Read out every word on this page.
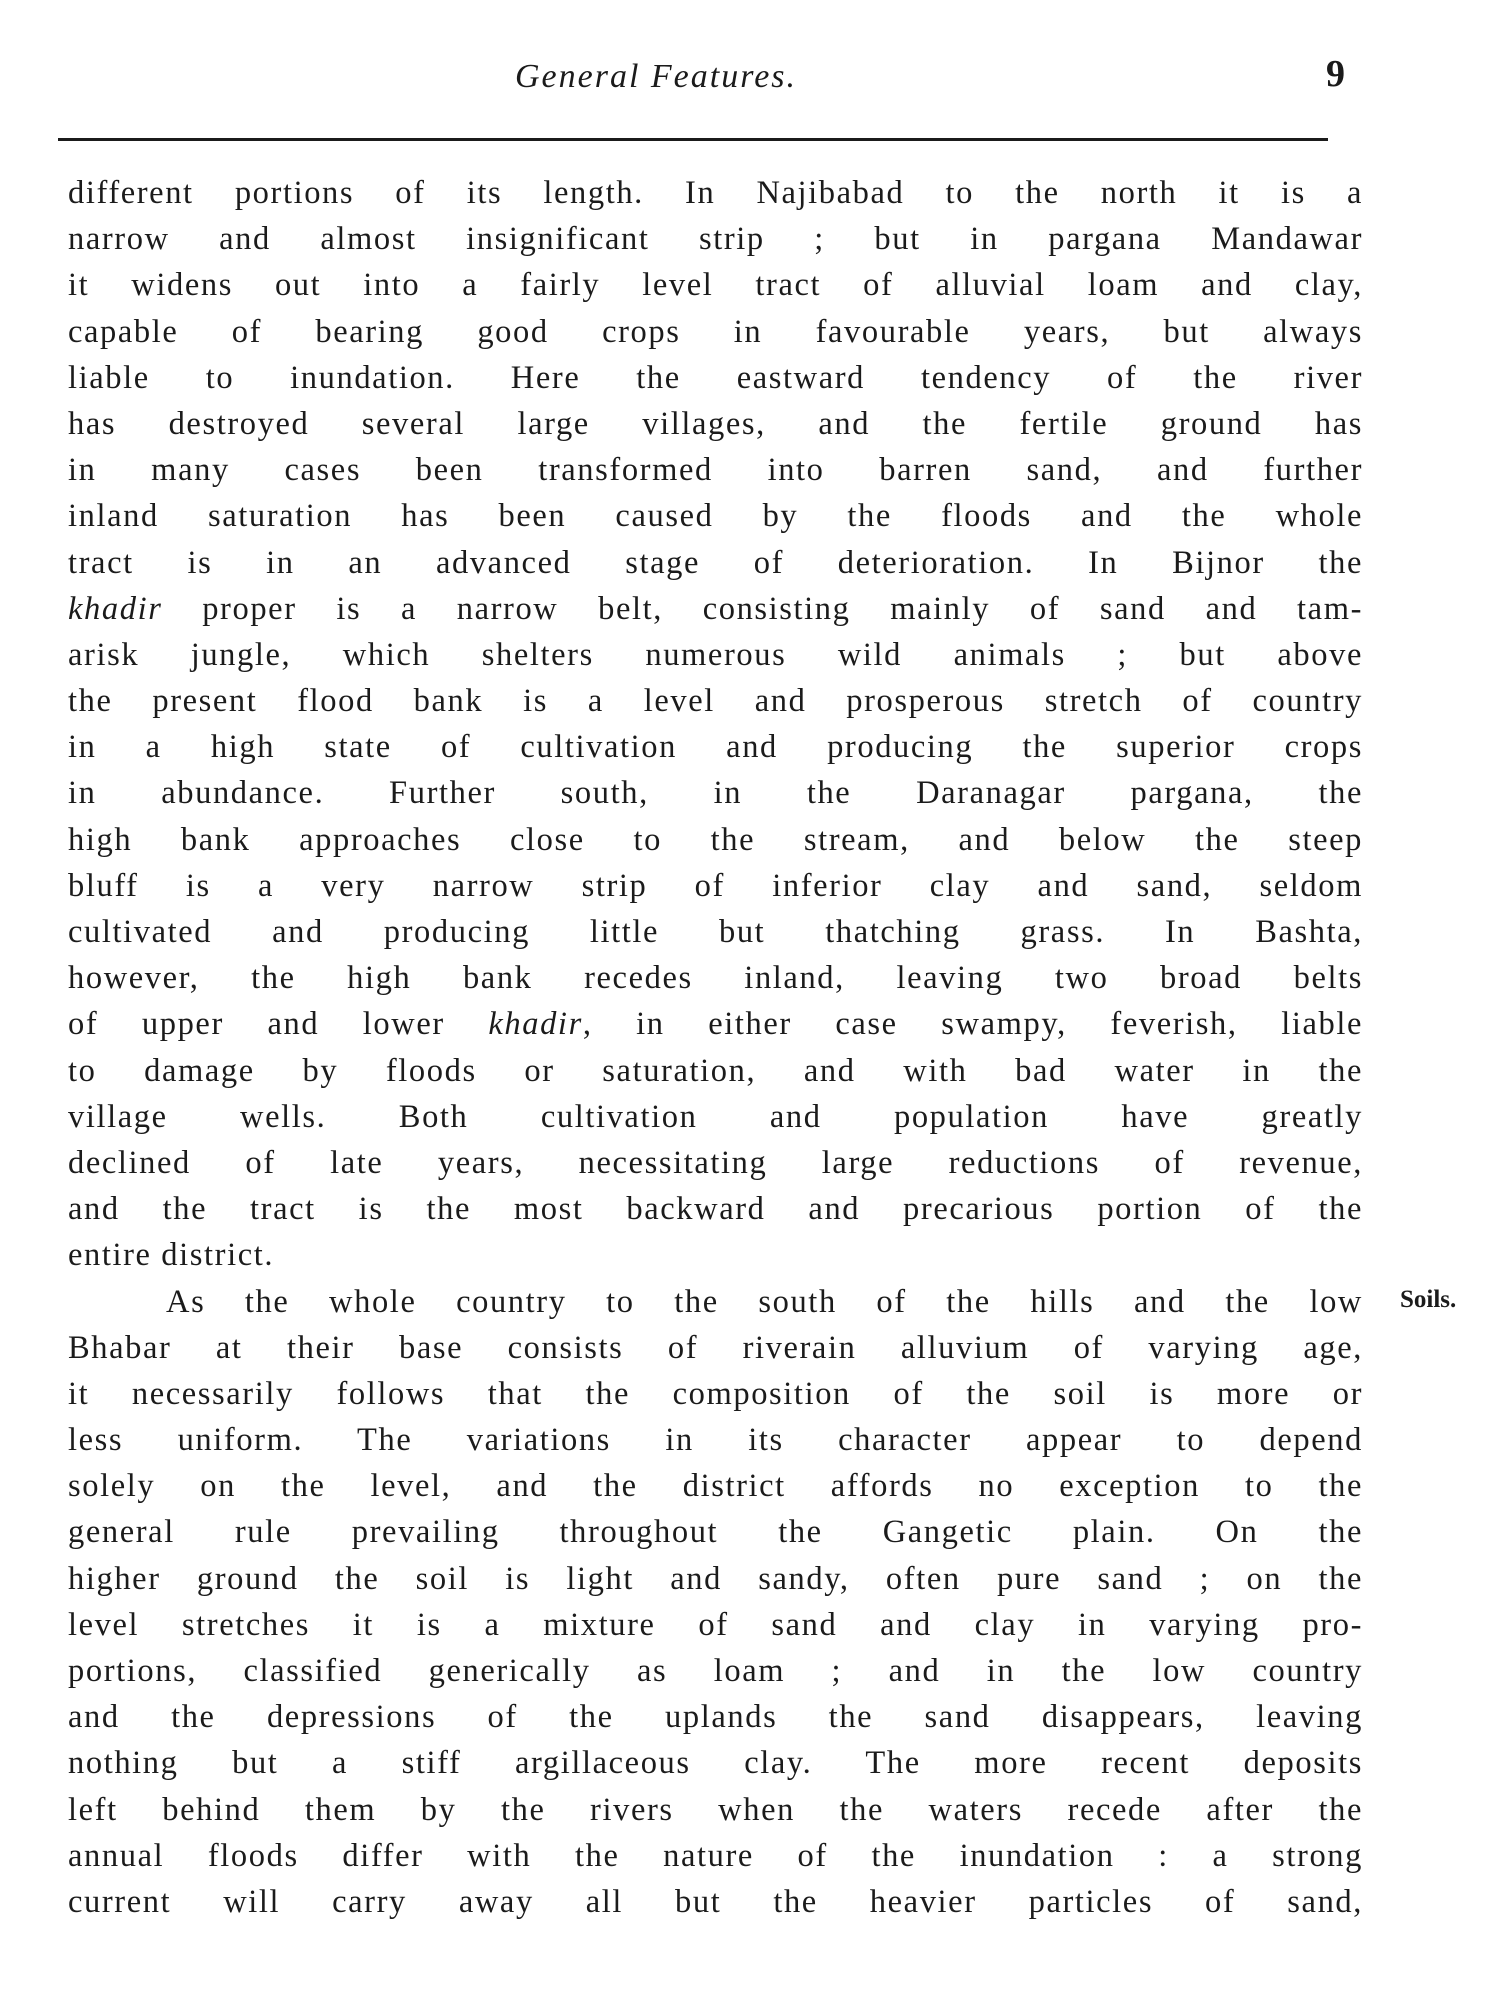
General Features.	9
Soils.
different portions of its length. In Najibabad to the north it is a
narrow and almost insignificant strip ; but in pargana Mandawar
it widens out into a fairly level tract of alluvial loam and clay,
capable of bearing good crops in favourable years, but always
liable to inundation. Here the eastward tendency of the river
has destroyed several large villages, and the fertile ground has
in many cases been transformed into barren sand, and further
inland saturation has been caused by the floods and the whole
tract is in an advanced stage of deterioration. In Bijnor the
khadir proper is a narrow belt, consisting mainly of sand and tam-
arisk jungle, which shelters numerous wild animals ; but above
the present flood bank is a level and prosperous stretch of country
in a high state of cultivation and producing the superior crops
in abundance. Further south, in the Daranagar pargana, the
high bank approaches close to the stream, and below the steep
bluff is a very narrow strip of inferior clay and sand, seldom
cultivated and producing little but thatching grass. In Bashta,
however, the high bank recedes inland, leaving two broad belts
of upper and lower khadir, in either case swampy, feverish, liable
to damage by floods or saturation, and with bad water in the
village wells. Both cultivation and population have greatly
declined of late years, necessitating large reductions of revenue,
and the tract is the most backward and precarious portion of the
entire district.
As the whole country to the south of the hills and the low
Bhabar at their base consists of riverain alluvium of varying age,
it necessarily follows that the composition of the soil is more or
less uniform. The variations in its character appear to depend
solely on the level, and the district affords no exception to the
general rule prevailing throughout the Gangetic plain. On the
higher ground the soil is light and sandy, often pure sand ; on the
level stretches it is a mixture of sand and clay in varying pro-
portions, classified generically as loam ; and in the low country
and the depressions of the uplands the sand disappears, leaving
nothing but a stiff argillaceous clay. The more recent deposits
left behind them by the rivers when the waters recede after the
annual floods differ with the nature of the inundation : a strong
current will carry away all but the heavier particles of sand,
